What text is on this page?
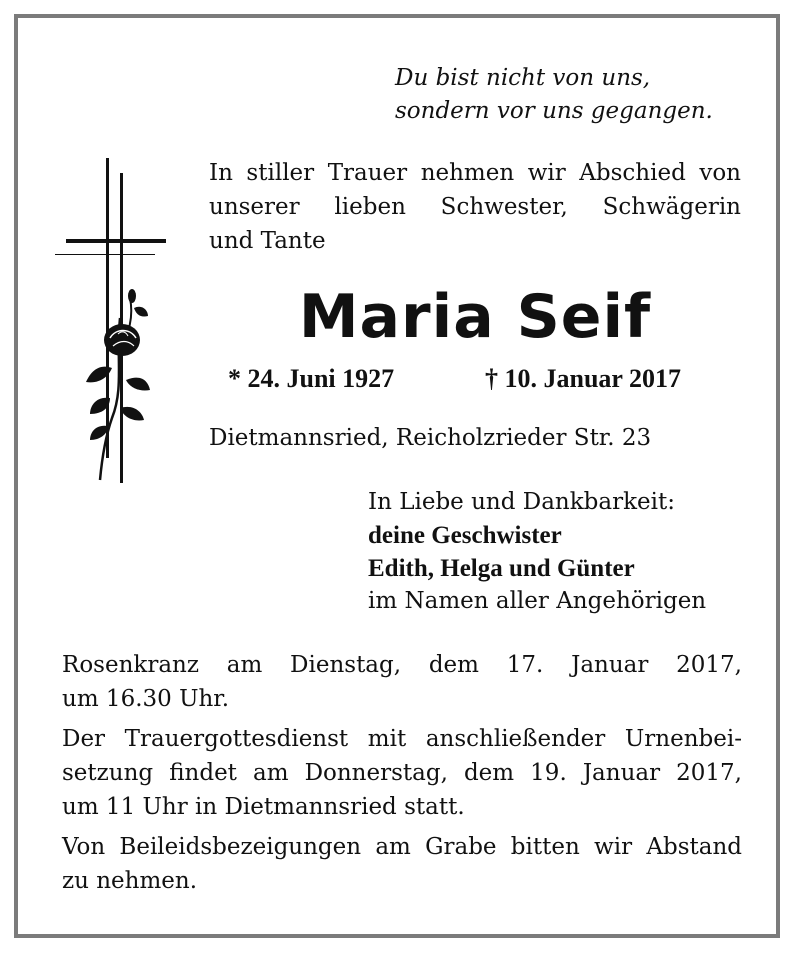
Du bist nicht von uns,
sondern vor uns gegangen.
In stiller Trauer nehmen wir Abschied von
unserer lieben Schwester, Schwägerin
und Tante
Maria Seif
* 24. Juni 1927	† 10. Januar 2017
Dietmannsried, Reicholzrieder Str. 23
In Liebe und Dankbarkeit:
deine Geschwister
Edith, Helga und Günter
im Namen aller Angehörigen

Rosenkranz am Dienstag, dem 17. Januar 2017,
um 16.30 Uhr.

Der Trauergottesdienst mit anschließender Urnenbei-
setzung findet am Donnerstag, dem 19. Januar 2017,
um 11 Uhr in Dietmannsried statt.

Von Beileidsbezeigungen am Grabe bitten wir Abstand
zu nehmen.
